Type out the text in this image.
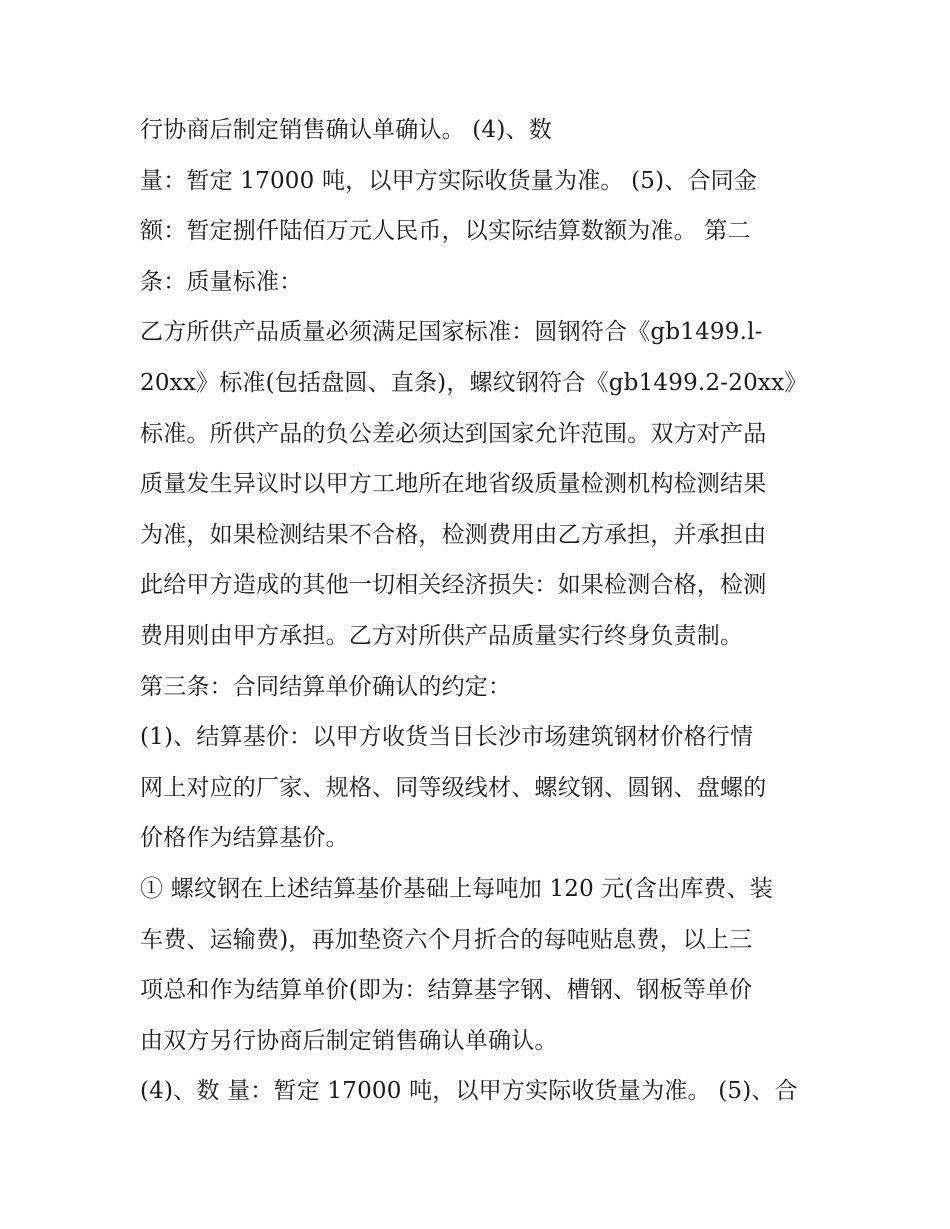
行协商后制定销售确认单确认。 (4)、数
量：暂定 17000 吨，以甲方实际收货量为准。 (5)、合同金
额：暂定捌仟陆佰万元人民币，以实际结算数额为准。 第二
条：质量标准：
乙方所供产品质量必须满足国家标准：圆钢符合《gb1499.l-
20xx》标准(包括盘圆、直条)，螺纹钢符合《gb1499.2-20xx》
标准。所供产品的负公差必须达到国家允许范围。双方对产品
质量发生异议时以甲方工地所在地省级质量检测机构检测结果
为准，如果检测结果不合格，检测费用由乙方承担，并承担由
此给甲方造成的其他一切相关经济损失：如果检测合格，检测
费用则由甲方承担。乙方对所供产品质量实行终身负责制。
第三条：合同结算单价确认的约定：
(1)、结算基价：以甲方收货当日长沙市场建筑钢材价格行情
网上对应的厂家、规格、同等级线材、螺纹钢、圆钢、盘螺的
价格作为结算基价。
① 螺纹钢在上述结算基价基础上每吨加 120 元(含出库费、装
车费、运输费)，再加垫资六个月折合的每吨贴息费，以上三
项总和作为结算单价(即为：结算基字钢、槽钢、钢板等单价
由双方另行协商后制定销售确认单确认。
(4)、数 量：暂定 17000 吨，以甲方实际收货量为准。 (5)、合
